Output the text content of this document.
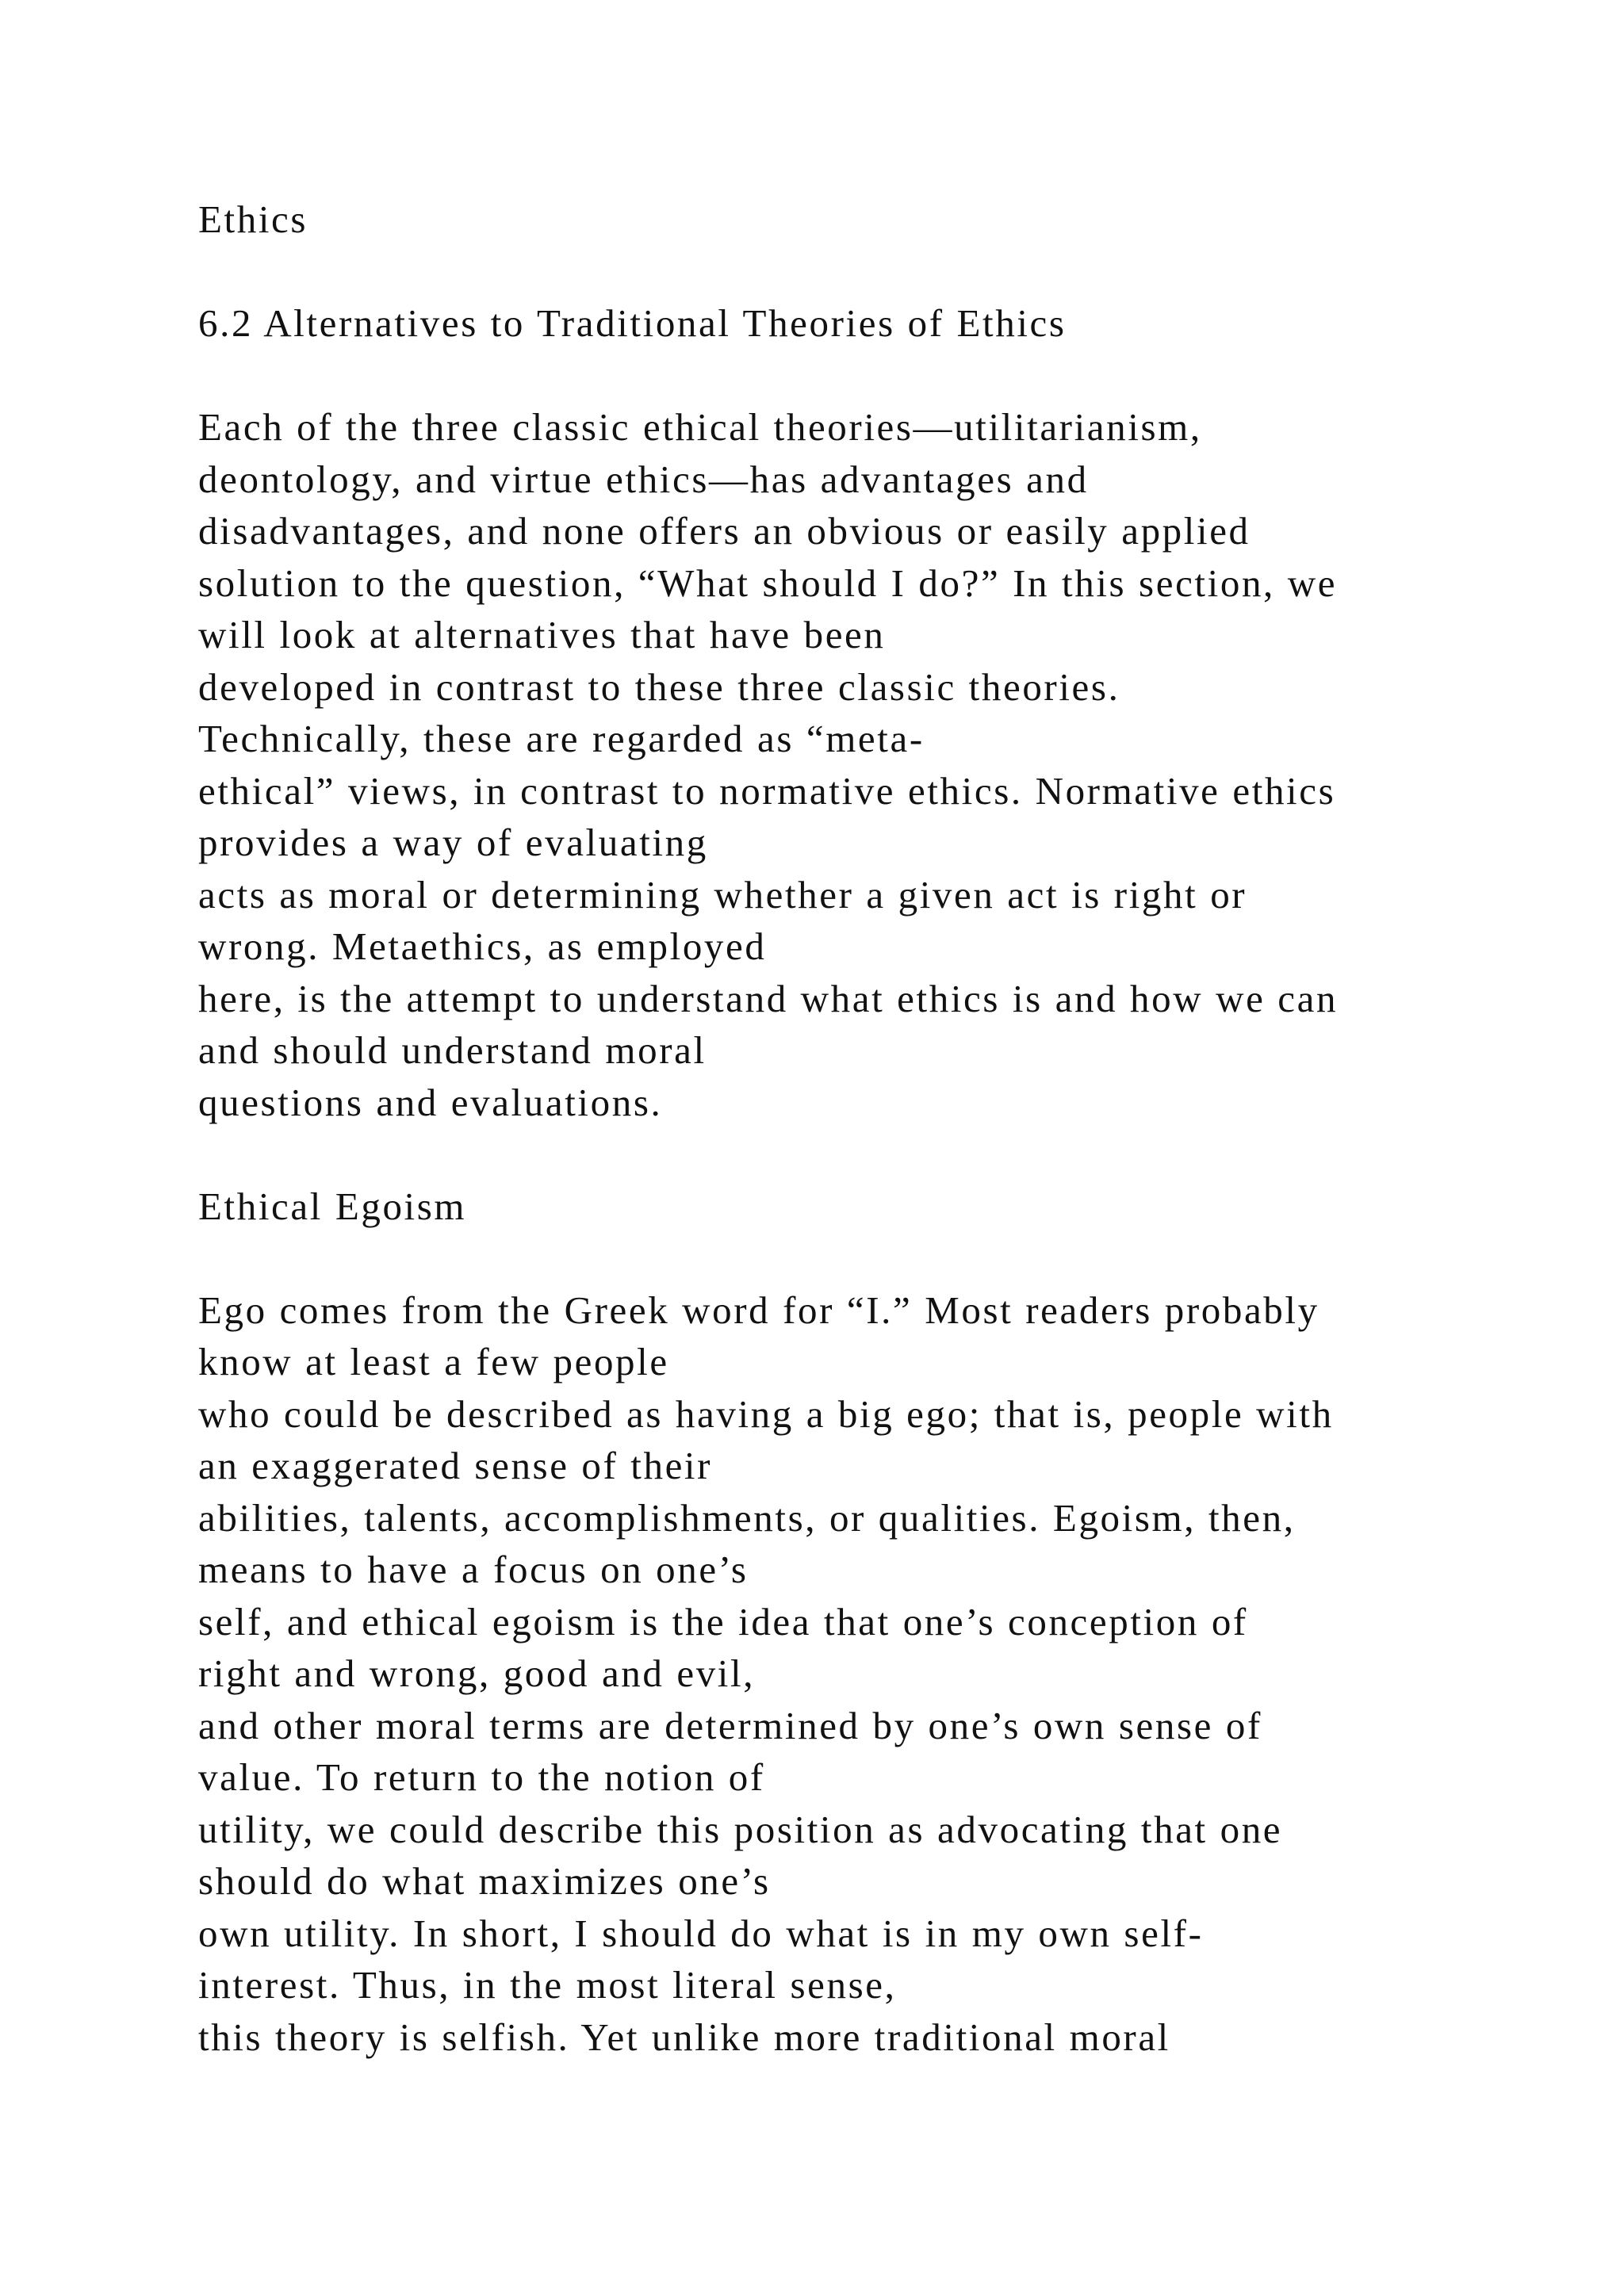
Ethics
6.2 Alternatives to Traditional Theories of Ethics
Each of the three classic ethical theories—utilitarianism,
deontology, and virtue ethics—has advantages and
disadvantages, and none offers an obvious or easily applied
solution to the question, “What should I do?” In this section, we
will look at alternatives that have been
developed in contrast to these three classic theories.
Technically, these are regarded as “meta-
ethical” views, in contrast to normative ethics. Normative ethics
provides a way of evaluating
acts as moral or determining whether a given act is right or
wrong. Metaethics, as employed
here, is the attempt to understand what ethics is and how we can
and should understand moral
questions and evaluations.
Ethical Egoism
Ego comes from the Greek word for “I.” Most readers probably
know at least a few people
who could be described as having a big ego; that is, people with
an exaggerated sense of their
abilities, talents, accomplishments, or qualities. Egoism, then,
means to have a focus on one’s
self, and ethical egoism is the idea that one’s conception of
right and wrong, good and evil,
and other moral terms are determined by one’s own sense of
value. To return to the notion of
utility, we could describe this position as advocating that one
should do what maximizes one’s
own utility. In short, I should do what is in my own self-
interest. Thus, in the most literal sense,
this theory is selfish. Yet unlike more traditional moral
